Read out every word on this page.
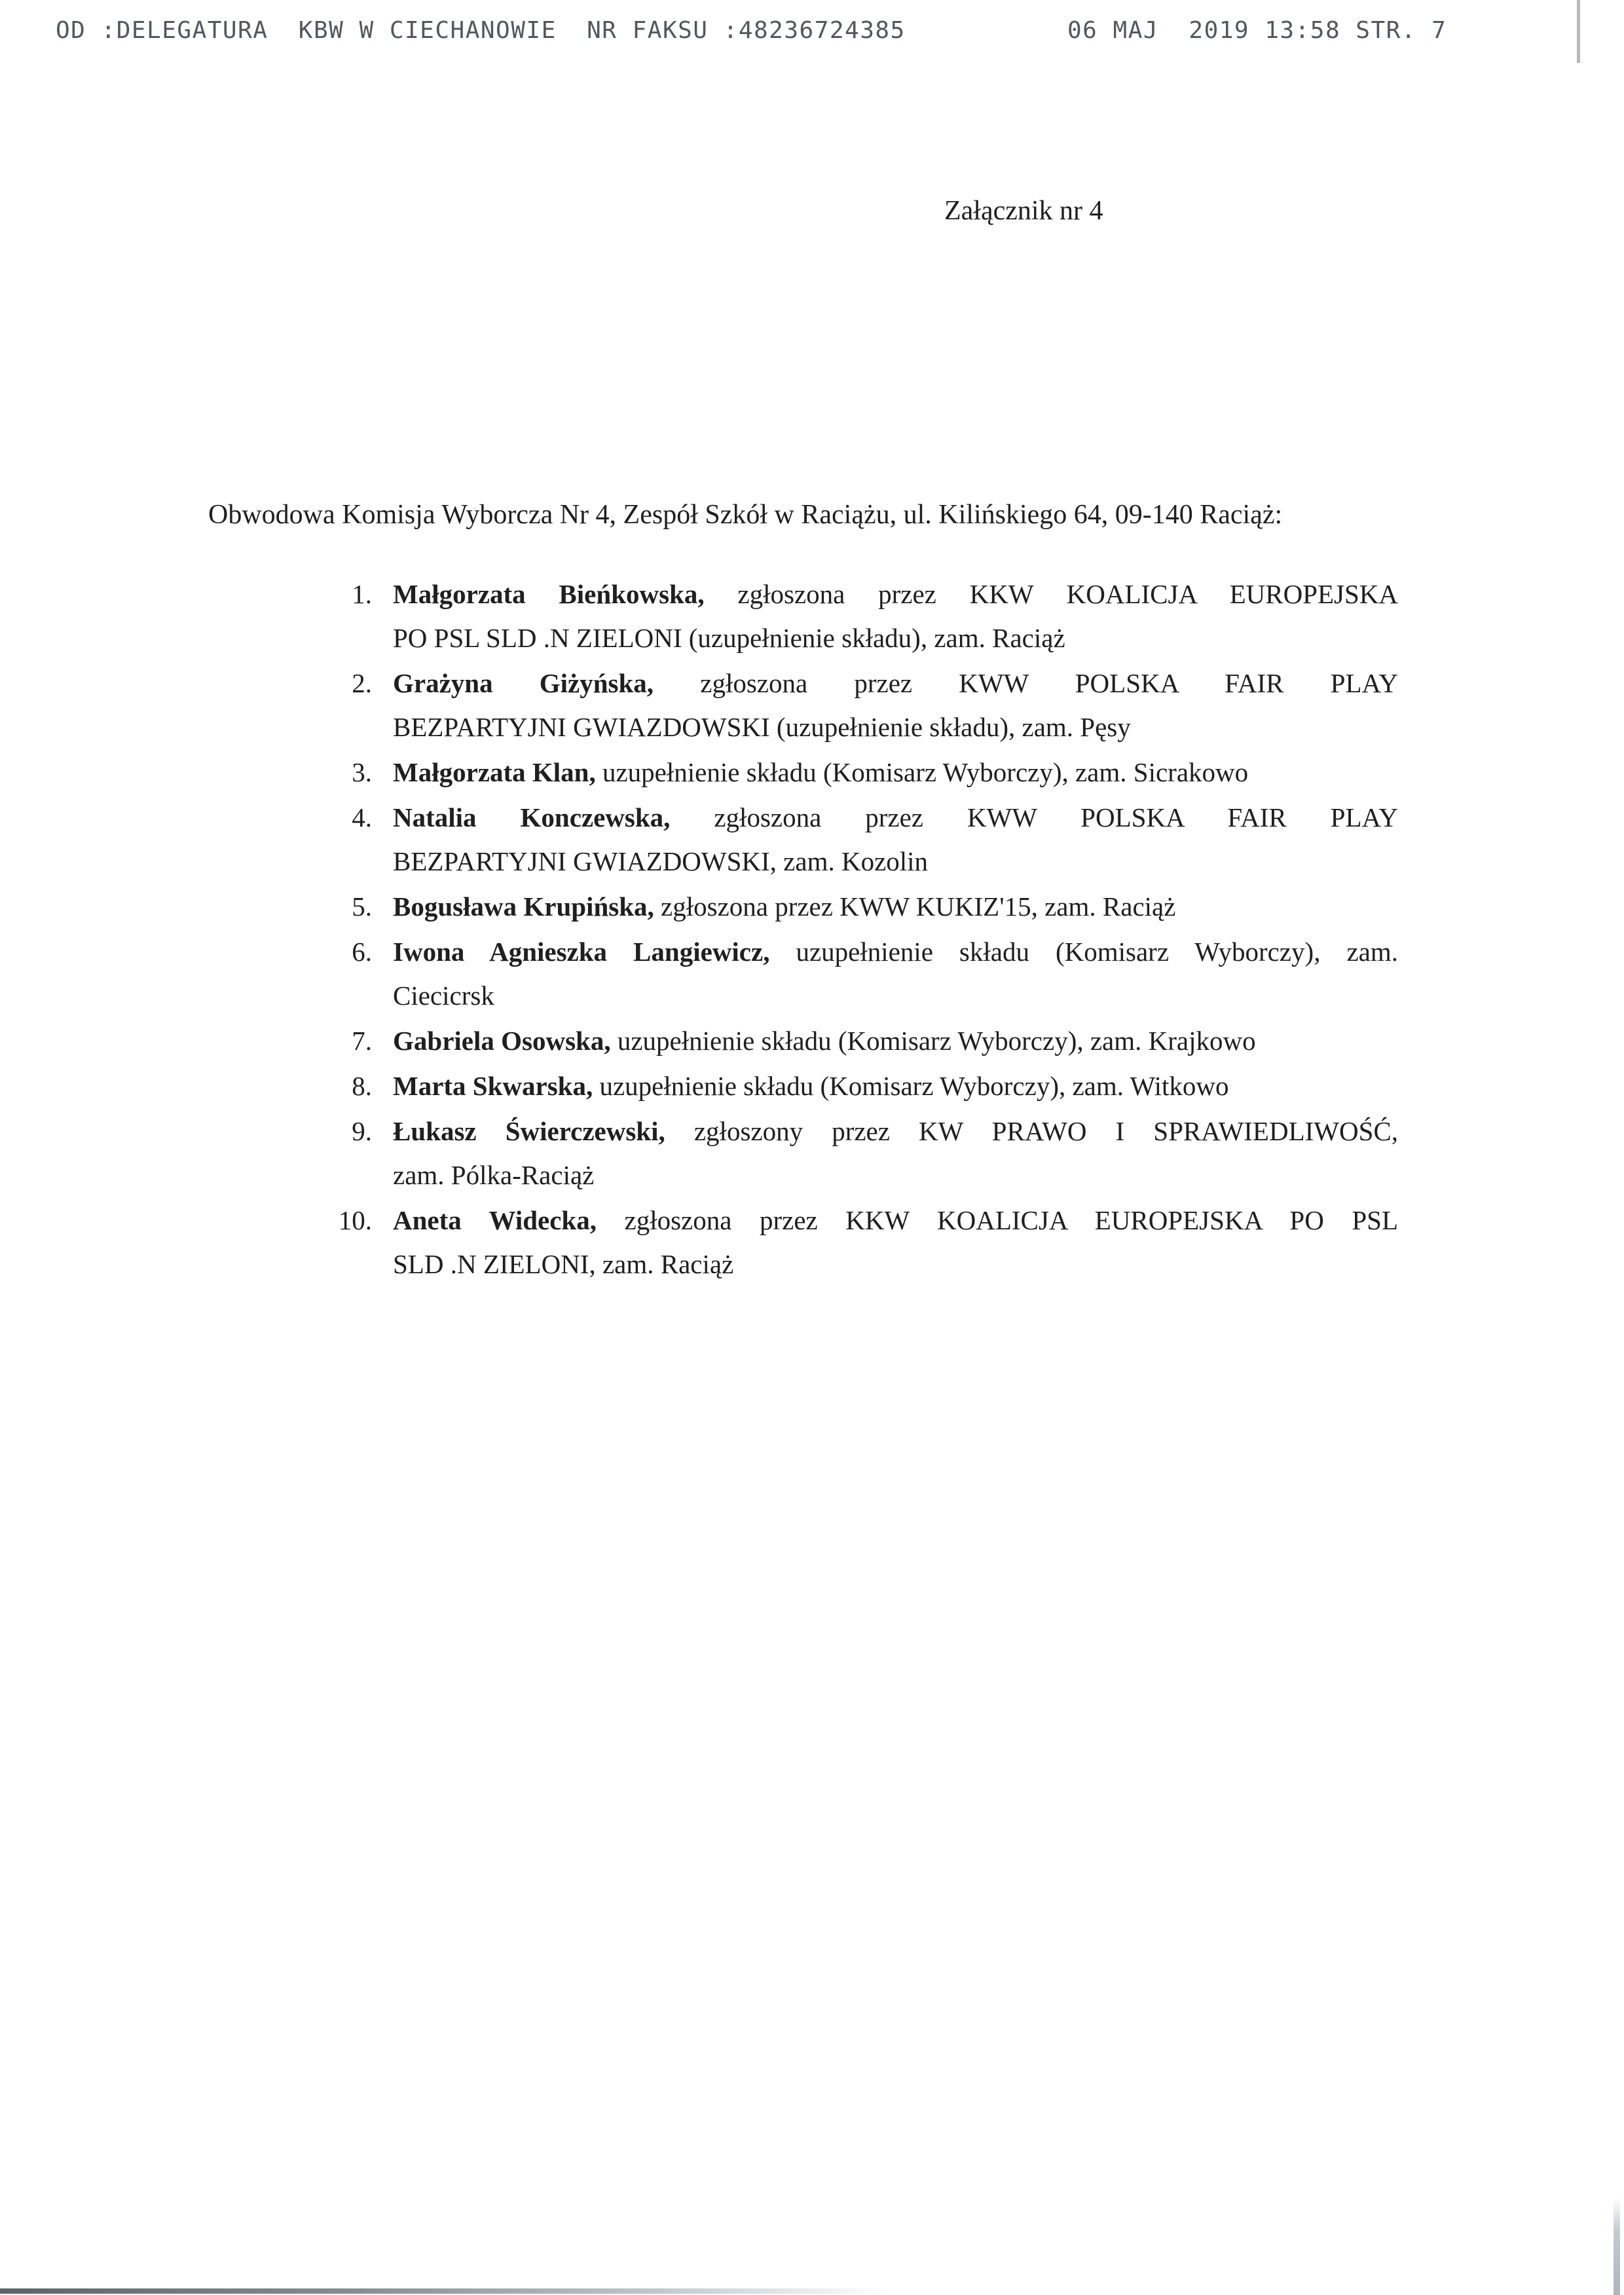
OD :DELEGATURA  KBW W CIECHANOWIE  NR FAKSU :48236724385

	06 MAJ  2019 13:58 STR. 7

Załącznik nr 4
Obwodowa Komisja Wyborcza Nr 4, Zespół Szkół w Raciążu, ul. Kilińskiego 64, 09-140 Raciąż:
1. Małgorzata Bieńkowska, zgłoszona przez KKW KOALICJA EUROPEJSKA
PO PSL SLD .N ZIELONI (uzupełnienie składu), zam. Raciąż
2. Grażyna Giżyńska, zgłoszona przez KWW POLSKA FAIR PLAY
BEZPARTYJNI GWIAZDOWSKI (uzupełnienie składu), zam. Pęsy
3. Małgorzata Klan, uzupełnienie składu (Komisarz Wyborczy), zam. Sicrakowo
4. Natalia Konczewska, zgłoszona przez KWW POLSKA FAIR PLAY
BEZPARTYJNI GWIAZDOWSKI, zam. Kozolin
5. Bogusława Krupińska, zgłoszona przez KWW KUKIZ'15, zam. Raciąż
6. Iwona Agnieszka Langiewicz, uzupełnienie składu (Komisarz Wyborczy), zam.
Ciecicrsk
7. Gabriela Osowska, uzupełnienie składu (Komisarz Wyborczy), zam. Krajkowo
8. Marta Skwarska, uzupełnienie składu (Komisarz Wyborczy), zam. Witkowo
9. Łukasz Świerczewski, zgłoszony przez KW PRAWO I SPRAWIEDLIWOŚĆ,
zam. Pólka-Raciąż
10. Aneta Widecka, zgłoszona przez KKW KOALICJA EUROPEJSKA PO PSL
SLD .N ZIELONI, zam. Raciąż
